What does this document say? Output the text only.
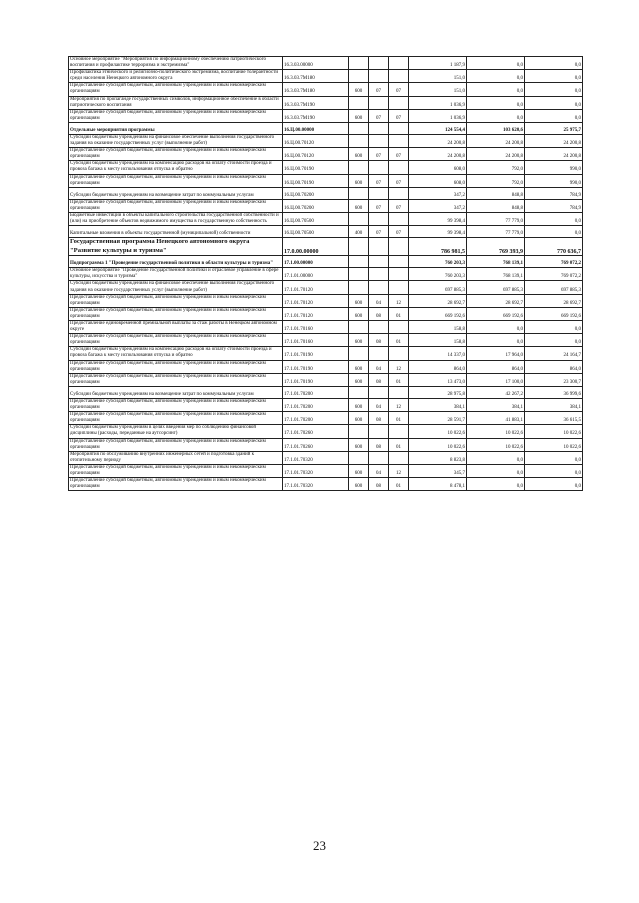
Основное мероприятие "Мероприятия по информационному обеспечению патриотического воспитания и профилактике терроризма и экстремизма"	16.3.03.00000				1 187,9	0,0	0,0
Профилактика этнического и религиозно-политического экстремизма, воспитание толерантности среди населения Ненецкого автономного округа	16.3.03.7М180				151,0	0,0	0,0
Предоставление субсидий бюджетным, автономным учреждениям и иным некоммерческим организациям	16.3.03.7М180	600	07	07	151,0	0,0	0,0
Мероприятия по пропаганде государственных символов, информационное обеспечение в области патриотического воспитания	16.3.03.7М190				1 036,9	0,0	0,0
Предоставление субсидий бюджетным, автономным учреждениям и иным некоммерческим организациям	16.3.03.7М190	600	07	07	1 036,9	0,0	0,0
Отдельные мероприятия программы	16.Ц.00.00000				124 554,4	103 620,6	25 975,7
Субсидии бюджетным учреждениям на финансовое обеспечение выполнения государственного задания на оказание государственных услуг (выполнение работ)	16.Ц.00.70120				24 200,8	24 200,8	24 200,8
Предоставление субсидий бюджетным, автономным учреждениям и иным некоммерческим организациям	16.Ц.00.70120	600	07	07	24 200,8	24 200,8	24 200,8
Субсидии бюджетным учреждениям на компенсацию расходов на оплату стоимости проезда и провоза багажа к месту использования отпуска и обратно	16.Ц.00.70190				608,0	792,0	990,0
Предоставление субсидий бюджетным, автономным учреждениям и иным некоммерческим организациям	16.Ц.00.70190	600	07	07	608,0	792,0	990,0
Субсидии бюджетным учреждениям на возмещение затрат по коммунальным услугам	16.Ц.00.70200				347,2	848,8	784,9
Предоставление субсидий бюджетным, автономным учреждениям и иным некоммерческим организациям	16.Ц.00.70200	600	07	07	347,2	848,8	784,9
Бюджетные инвестиции в объекты капитального строительства государственной собственности и (или) на приобретение объектов недвижимого имущества в государственную собственность	16.Ц.00.70500				99 398,4	77 779,0	0,0
Капитальные вложения в объекты государственной (муниципальной) собственности	16.Ц.00.70500	400	07	07	99 398,4	77 779,0	0,0
Государственная программа Ненецкого автономного округа "Развитие культуры и туризма"	17.0.00.00000				786 981,5	769 393,9	770 636,7
Подпрограмма 1 "Проведение государственной политики в области культуры и туризма"	17.1.00.00000				760 203,3	768 139,1	769 072,2
Основное мероприятие "Проведение государственной политики и отраслевое управление в сфере культуры, искусства и туризма"	17.1.01.00000				760 203,3	768 139,1	769 072,2
Субсидии бюджетным учреждениям на финансовое обеспечение выполнения государственного задания на оказание государственных услуг (выполнение работ)	17.1.01.70120				697 885,3	697 885,3	697 885,3
Предоставление субсидий бюджетным, автономным учреждениям и иным некоммерческим организациям	17.1.01.70120	600	04	12	28 692,7	28 692,7	28 692,7
Предоставление субсидий бюджетным, автономным учреждениям и иным некоммерческим организациям	17.1.01.70120	600	08	01	669 192,6	669 192,6	669 192,6
Предоставление единовременной премиальной выплаты за стаж работы в Ненецком автономном округе	17.1.01.70160				158,8	0,0	0,0
Предоставление субсидий бюджетным, автономным учреждениям и иным некоммерческим организациям	17.1.01.70160	600	08	01	158,8	0,0	0,0
Субсидии бюджетным учреждениям на компенсацию расходов на оплату стоимости проезда и провоза багажа к месту использования отпуска и обратно	17.1.01.70190				14 337,0	17 964,0	24 164,7
Предоставление субсидий бюджетным, автономным учреждениям и иным некоммерческим организациям	17.1.01.70190	600	04	12	864,0	864,0	864,0
Предоставление субсидий бюджетным, автономным учреждениям и иным некоммерческим организациям	17.1.01.70190	600	08	01	13 473,0	17 100,0	23 300,7
Субсидии бюджетным учреждениям на возмещение затрат по коммунальным услугам	17.1.01.70200				28 975,8	42 267,2	36 999,6
Предоставление субсидий бюджетным, автономным учреждениям и иным некоммерческим организациям	17.1.01.70200	600	04	12	384,1	384,1	384,1
Предоставление субсидий бюджетным, автономным учреждениям и иным некоммерческим организациям	17.1.01.70200	600	08	01	28 591,7	41 883,1	36 615,5
Субсидии бюджетным учреждениям в целях введения мер по соблюдению финансовой дисциплины (расходы, переданные на аутсорсинг)	17.1.01.70260				10 022,6	10 022,6	10 022,6
Предоставление субсидий бюджетным, автономным учреждениям и иным некоммерческим организациям	17.1.01.70260	600	08	01	10 022,6	10 022,6	10 022,6
Мероприятия по обслуживанию внутренних инженерных сетей и подготовка зданий к отопительному периоду	17.1.01.70320				8 823,8	0,0	0,0
Предоставление субсидий бюджетным, автономным учреждениям и иным некоммерческим организациям	17.1.01.70320	600	04	12	345,7	0,0	0,0
Предоставление субсидий бюджетным, автономным учреждениям и иным некоммерческим организациям	17.1.01.70320	600	08	01	8 478,1	0,0	0,0
23
